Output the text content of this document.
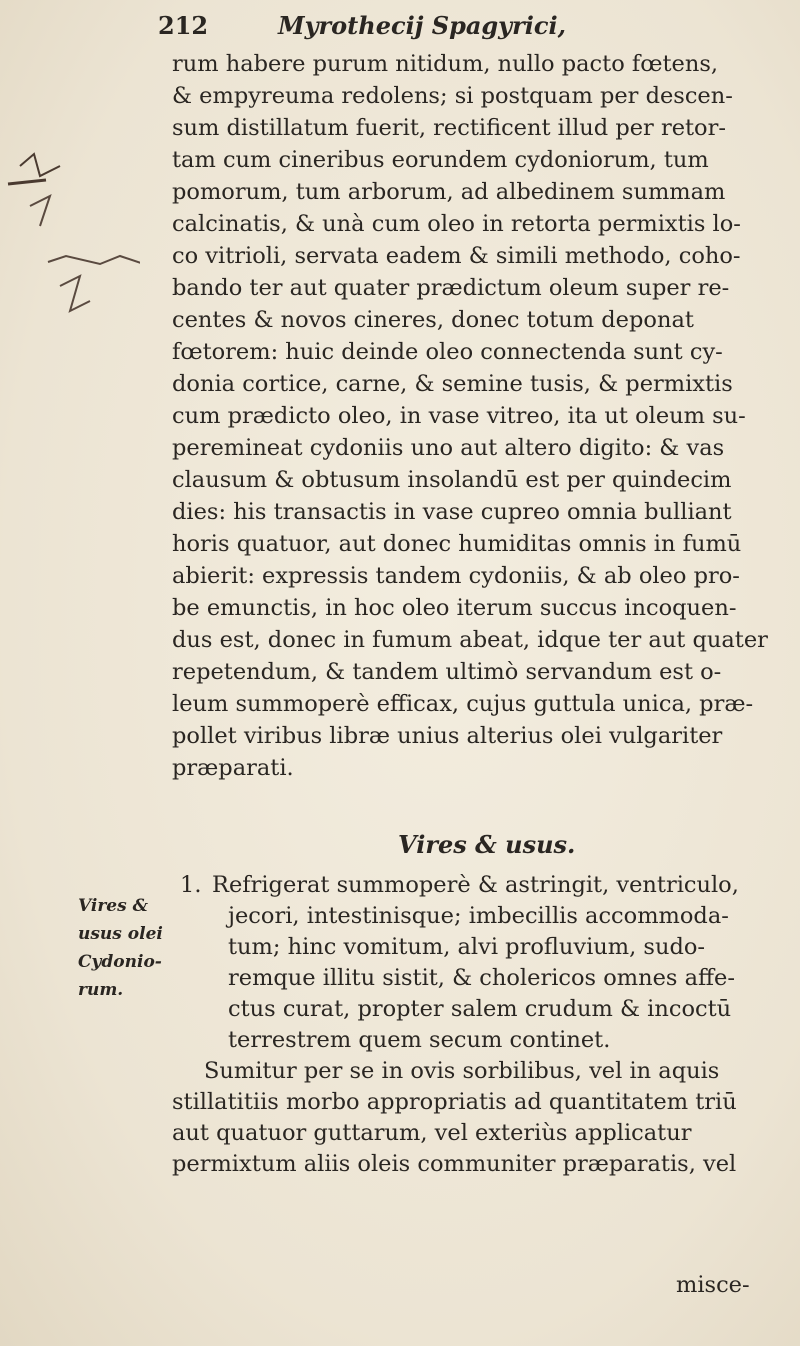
212	Myrothecij Spagyrici,
rum habere purum nitidum, nullo pacto fœtens,
& empyreuma redolens; si postquam per descen-
sum distillatum fuerit, rectificent illud per retor-
tam cum cineribus eorundem cydoniorum, tum
pomorum, tum arborum, ad albedinem summam
calcinatis, & unà cum oleo in retorta permixtis lo-
co vitrioli, servata eadem & simili methodo, coho-
bando ter aut quater prædictum oleum super re-
centes & novos cineres, donec totum deponat
fœtorem: huic deinde oleo connectenda sunt cy-
donia cortice, carne, & semine tusis, & permixtis
cum prædicto oleo, in vase vitreo, ita ut oleum su-
peremineat cydoniis uno aut altero digito: & vas
clausum & obtusum insolandū est per quindecim
dies: his transactis in vase cupreo omnia bulliant
horis quatuor, aut donec humiditas omnis in fumū
abierit: expressis tandem cydoniis, & ab oleo pro-
be emunctis, in hoc oleo iterum succus incoquen-
dus est, donec in fumum abeat, idque ter aut quater
repetendum, & tandem ultimò servandum est o-
leum summoperè efficax, cujus guttula unica, præ-
pollet viribus libræ unius alterius olei vulgariter
præparati.
Vires & usus.
Vires &
usus olei
Cydonio-
rum.
1. Refrigerat summoperè & astringit, ventriculo,
jecori, intestinisque; imbecillis accommoda-
tum; hinc vomitum, alvi profluvium, sudo-
remque illitu sistit, & cholericos omnes affe-
ctus curat, propter salem crudum & incoctū
terrestrem quem secum continet.
Sumitur per se in ovis sorbilibus, vel in aquis
stillatitiis morbo appropriatis ad quantitatem triū
aut quatuor guttarum, vel exteriùs applicatur
permixtum aliis oleis communiter præparatis, vel
misce-
